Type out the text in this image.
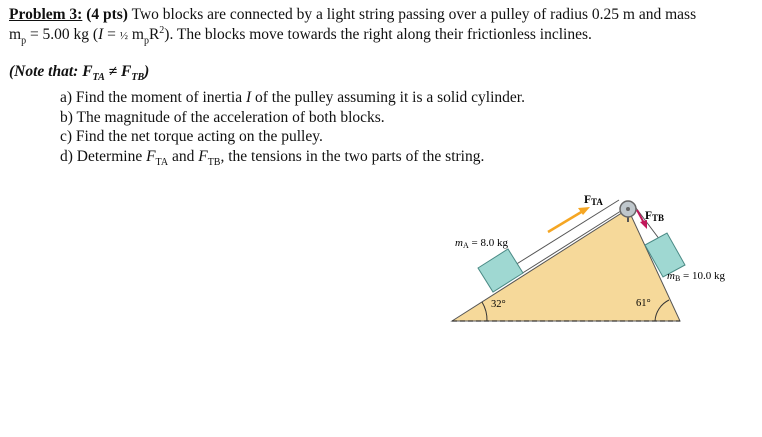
Problem 3: (4 pts) Two blocks are connected by a light string passing over a pulley of radius 0.25 m and mass
$m_p = 5.00$ kg (I = ½ $m_pR^2$). The blocks move towards the right along their frictionless inclines.
(Note that: $F_{TA} \ne F_{TB}$)
a) Find the moment of inertia I of the pulley assuming it is a solid cylinder.
b) The magnitude of the acceleration of both blocks.
c) Find the net torque acting on the pulley.
d) Determine $F_{TA}$ and $F_{TB}$, the tensions in the two parts of the string.
FTA
FTB
mA = 8.0 kg
mB = 10.0 kg
32°	61°
